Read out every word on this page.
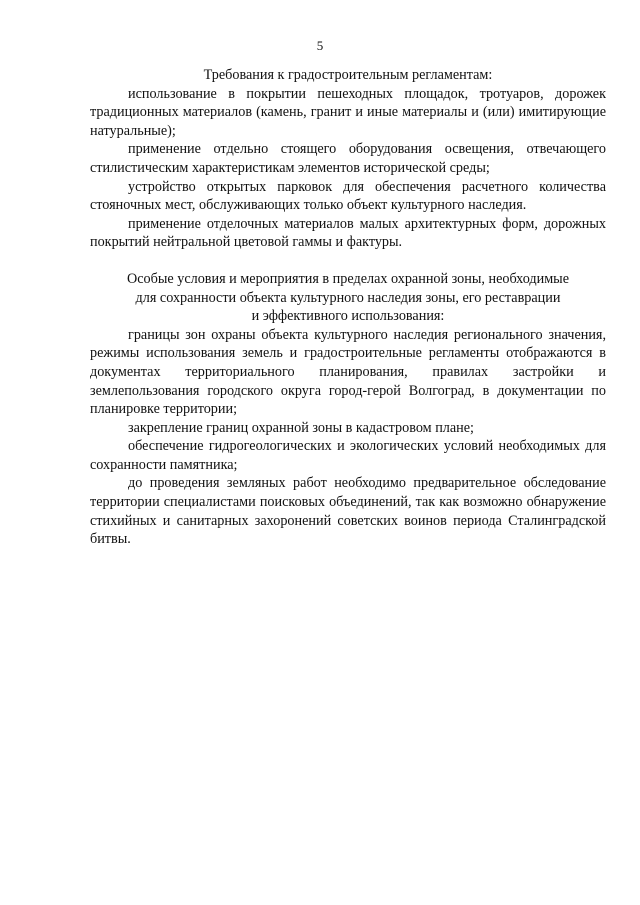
5

Требования к градостроительным регламентам:

использование в покрытии пешеходных площадок, тротуаров, дорожек традиционных материалов (камень, гранит и иные материалы и (или) имитирующие натуральные);

применение отдельно стоящего оборудования освещения, отвечающего стилистическим характеристикам элементов исторической среды;

устройство открытых парковок для обеспечения расчетного количества стояночных мест, обслуживающих только объект культурного наследия.

применение отделочных материалов малых архитектурных форм, дорожных покрытий нейтральной цветовой гаммы и фактуры.

Особые условия и мероприятия в пределах охранной зоны, необходимые
для сохранности объекта культурного наследия зоны, его реставрации
и эффективного использования:

границы зон охраны объекта культурного наследия регионального значения, режимы использования земель и градостроительные регламенты отображаются в документах территориального планирования, правилах застройки и землепользования городского округа город-герой Волгоград, в документации по планировке территории;

закрепление границ охранной зоны в кадастровом плане;

обеспечение гидрогеологических и экологических условий необходимых для сохранности памятника;

до проведения земляных работ необходимо предварительное обследование территории специалистами поисковых объединений, так как возможно обнаружение стихийных и санитарных захоронений советских воинов периода Сталинградской битвы.
